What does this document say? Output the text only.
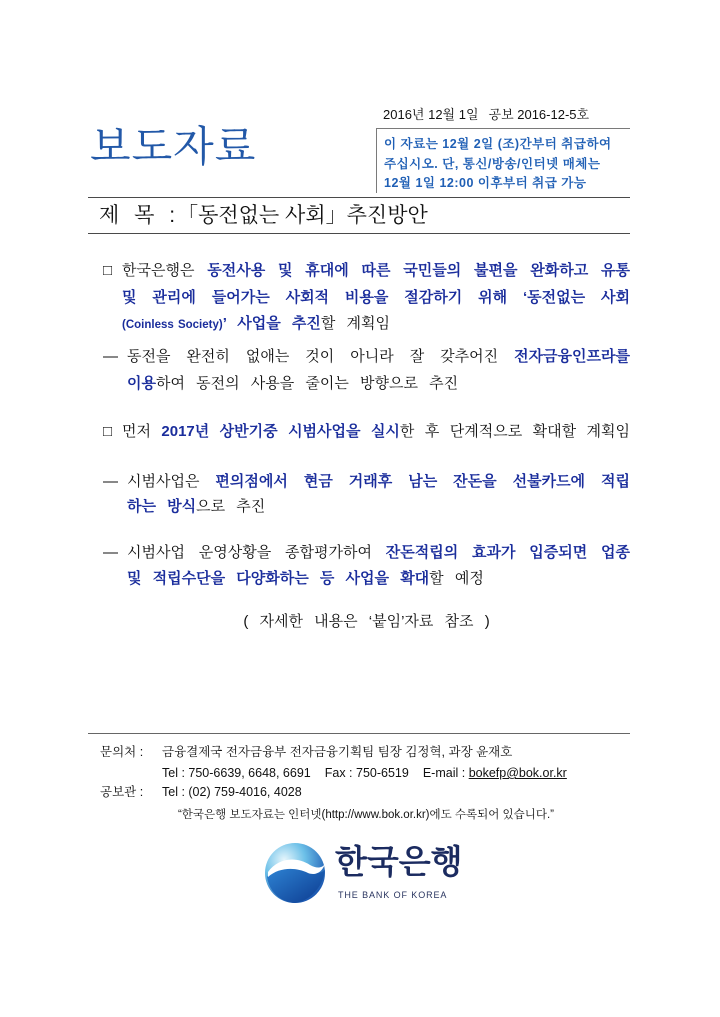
2016년 12월 1일 공보 2016-12-5호
이 자료는 12월 2일 (조)간부터 취급하여
주십시오. 단, 통신/방송/인터넷 매체는
12월 1일 12:00 이후부터 취급 가능
보도자료
제 목 :「동전없는 사회」추진방안
□ 한국은행은 동전사용 및 휴대에 따른 국민들의 불편을 완화하고 유통
및 관리에 들어가는 사회적 비용을 절감하기 위해 ‘동전없는 사회
(Coinless Society)’ 사업을 추진할 계획임
— 동전을 완전히 없애는 것이 아니라 잘 갖추어진 전자금융인프라를
이용하여 동전의 사용을 줄이는 방향으로 추진
□ 먼저 2017년 상반기중 시범사업을 실시한 후 단계적으로 확대할 계획임
— 시범사업은 편의점에서 현금 거래후 남는 잔돈을 선불카드에 적립
하는 방식으로 추진
— 시범사업 운영상황을 종합평가하여 잔돈적립의 효과가 입증되면 업종
및 적립수단을 다양화하는 등 사업을 확대할 예정
( 자세한 내용은 ‘붙임’자료 참조 )
문의처 : 금융결제국 전자금융부 전자금융기획팀 팀장 김정혁, 과장 윤재호
Tel : 750-6639, 6648, 6691 Fax : 750-6519 E-mail : bokefp@bok.or.kr
공보관 : Tel : (02) 759-4016, 4028
“한국은행 보도자료는 인터넷(http://www.bok.or.kr)에도 수록되어 있습니다.”
한국은행
THE BANK OF KOREA
